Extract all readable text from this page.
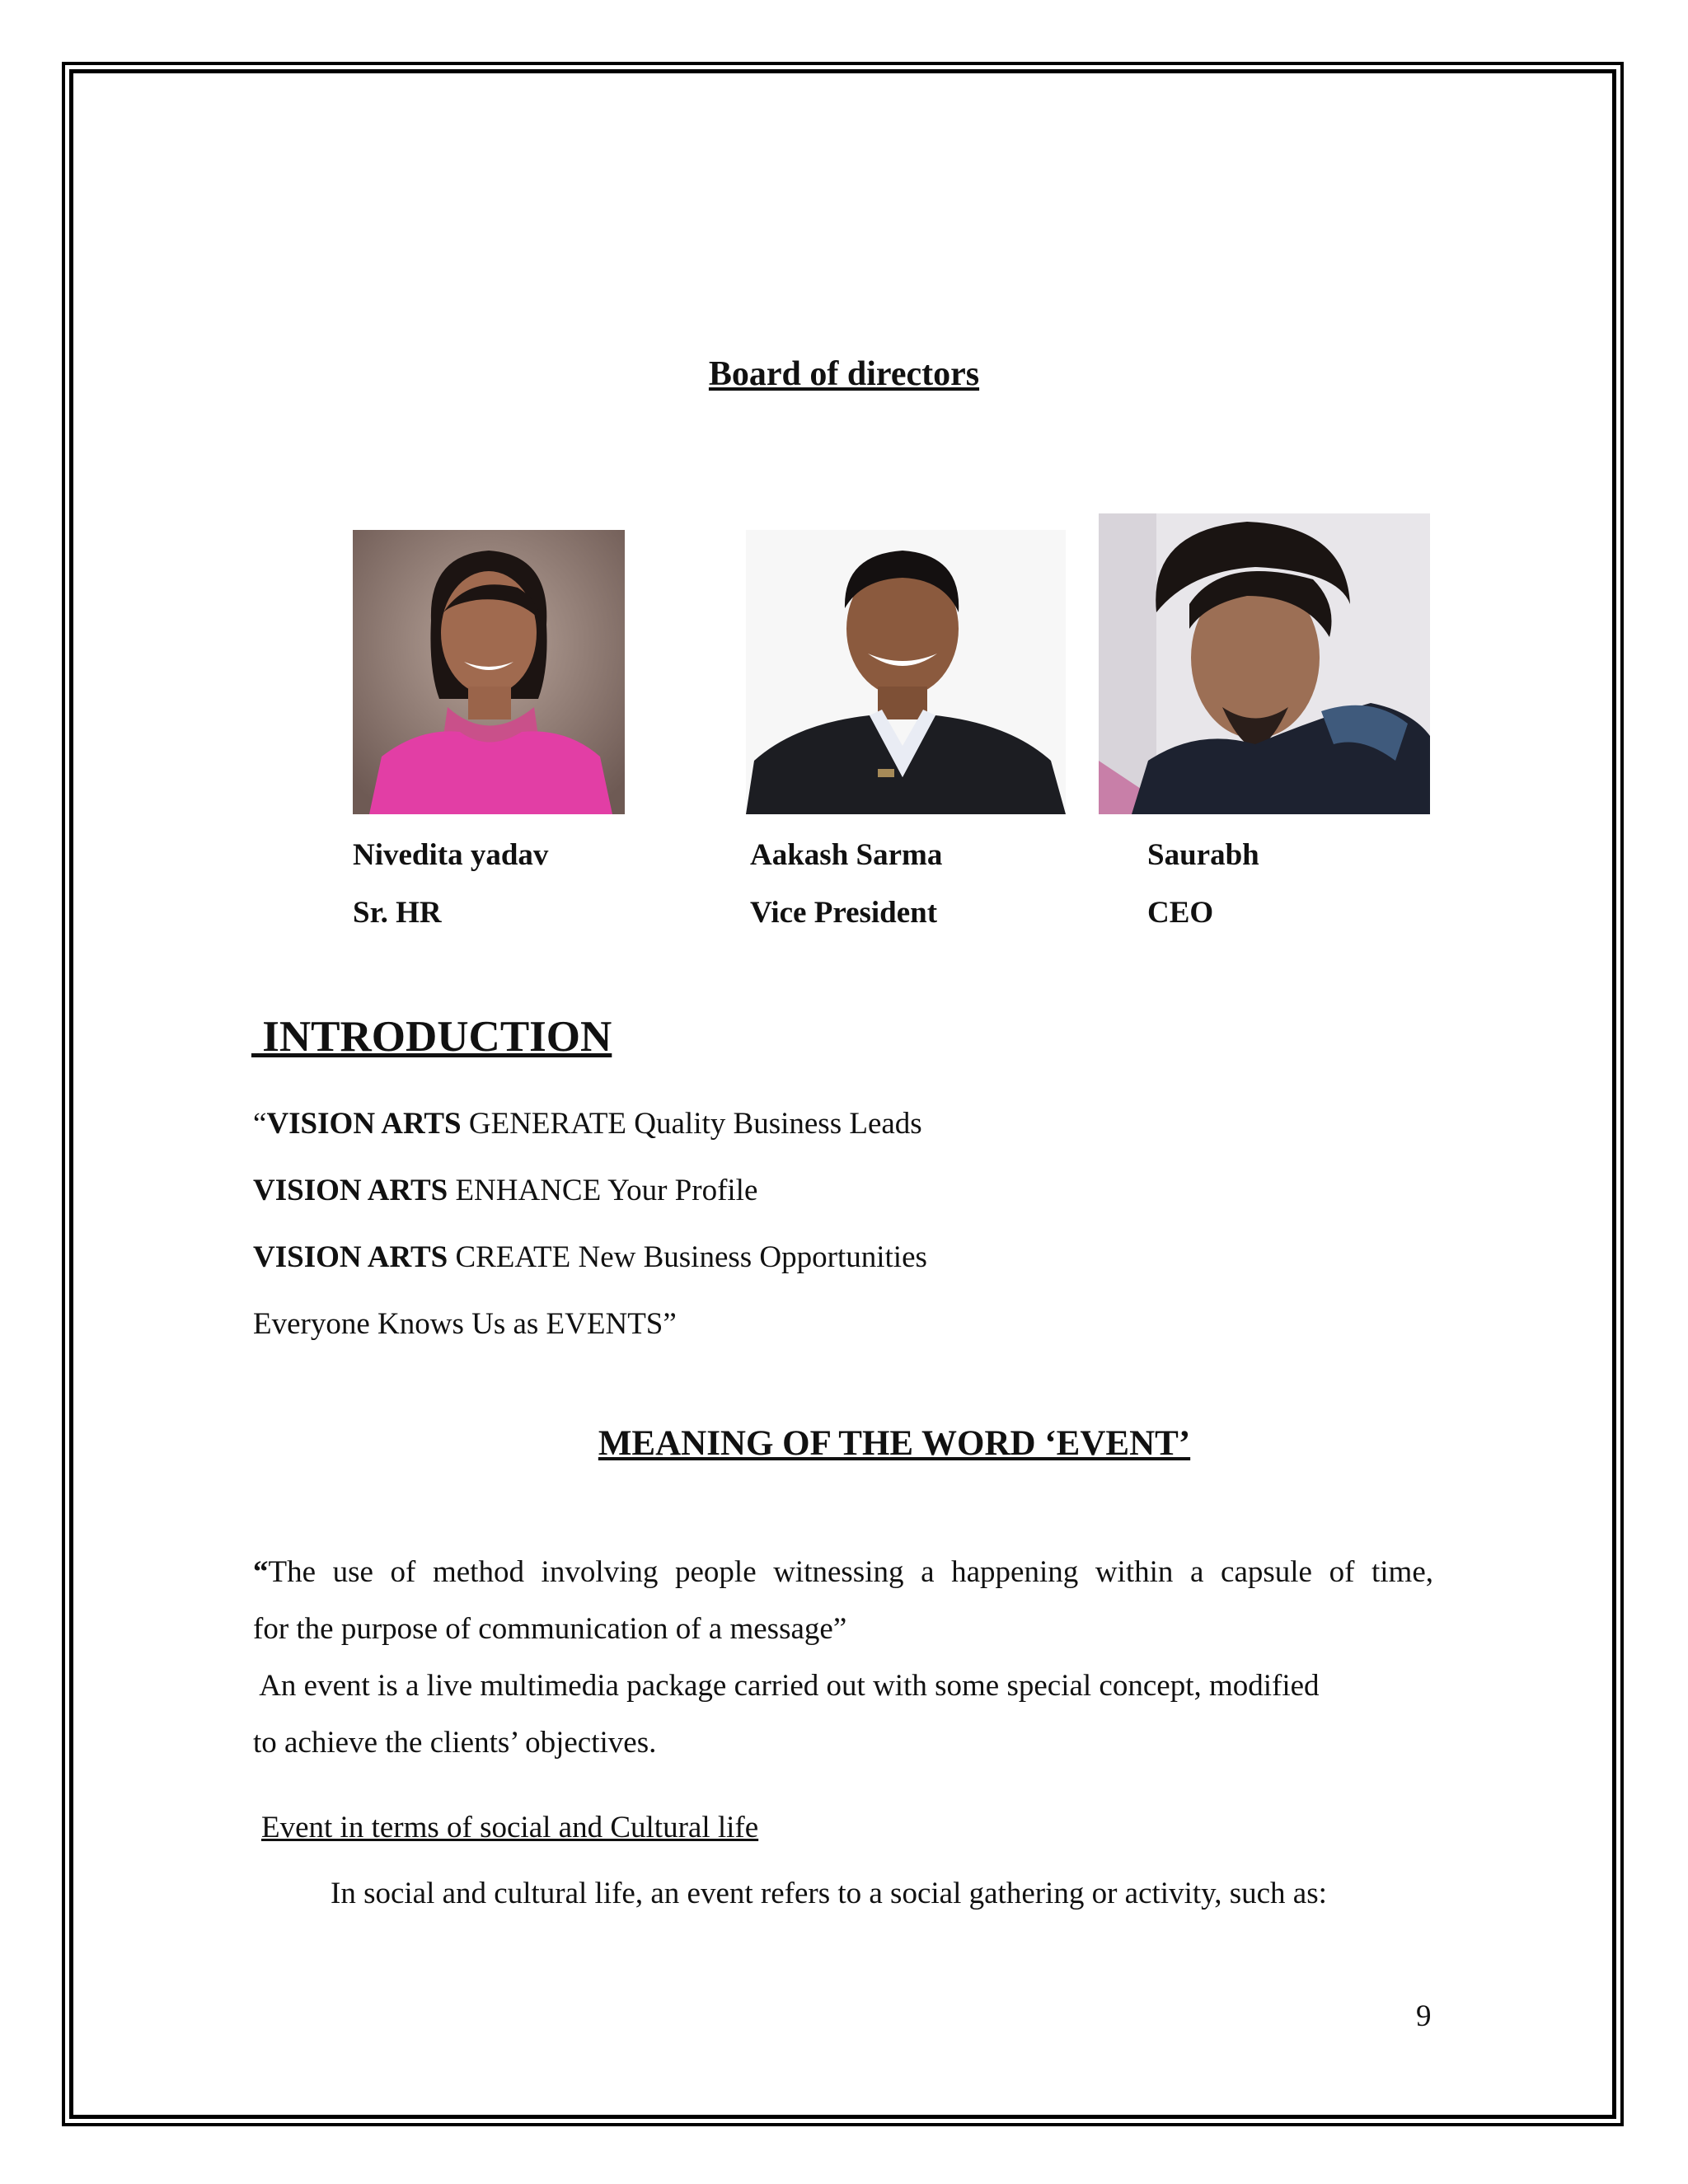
Board of directors
Nivedita yadav
Sr. HR
Aakash Sarma
Vice President
Saurabh
CEO
INTRODUCTION
“VISION ARTS GENERATE Quality Business Leads
VISION ARTS ENHANCE Your Profile
VISION ARTS CREATE New Business Opportunities
Everyone Knows Us as EVENTS”
MEANING OF THE WORD ‘EVENT’
“The use of method involving people witnessing a happening within a capsule of time,
for the purpose of communication of a message”
An event is a live multimedia package carried out with some special concept, modified
to achieve the clients’ objectives.
Event in terms of social and Cultural life
In social and cultural life, an event refers to a social gathering or activity, such as:
9
